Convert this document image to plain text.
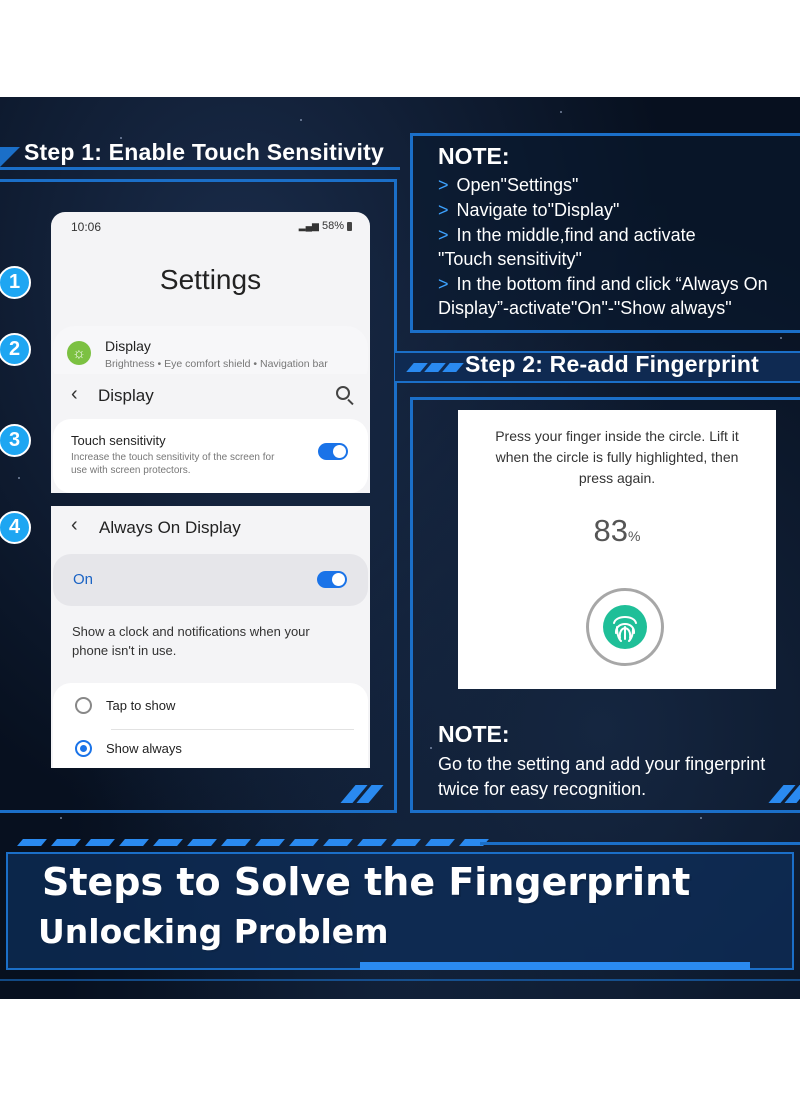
Step 1: Enable Touch Sensitivity
10:06	▂▄▆ 58%
Settings
☼	Display
Brightness • Eye comfort shield • Navigation bar
‹ Display
Touch sensitivity
Increase the touch sensitivity of the screen for
use with screen protectors.
‹ Always On Display
On
Show a clock and notifications when your
phone isn't in use.
Tap to show
Show always
1
2
3
4
NOTE:
> Open"Settings"
> Navigate to"Display"
> In the middle,find and activate
"Touch sensitivity"
> In the bottom find and click “Always On
Display”-activate"On"-"Show always"
Step 2: Re-add Fingerprint
Press your finger inside the circle. Lift it
when the circle is fully highlighted, then
press again.
83%
NOTE:
Go to the setting and add your fingerprint
twice for easy recognition.
Steps to Solve the Fingerprint
Unlocking Problem
